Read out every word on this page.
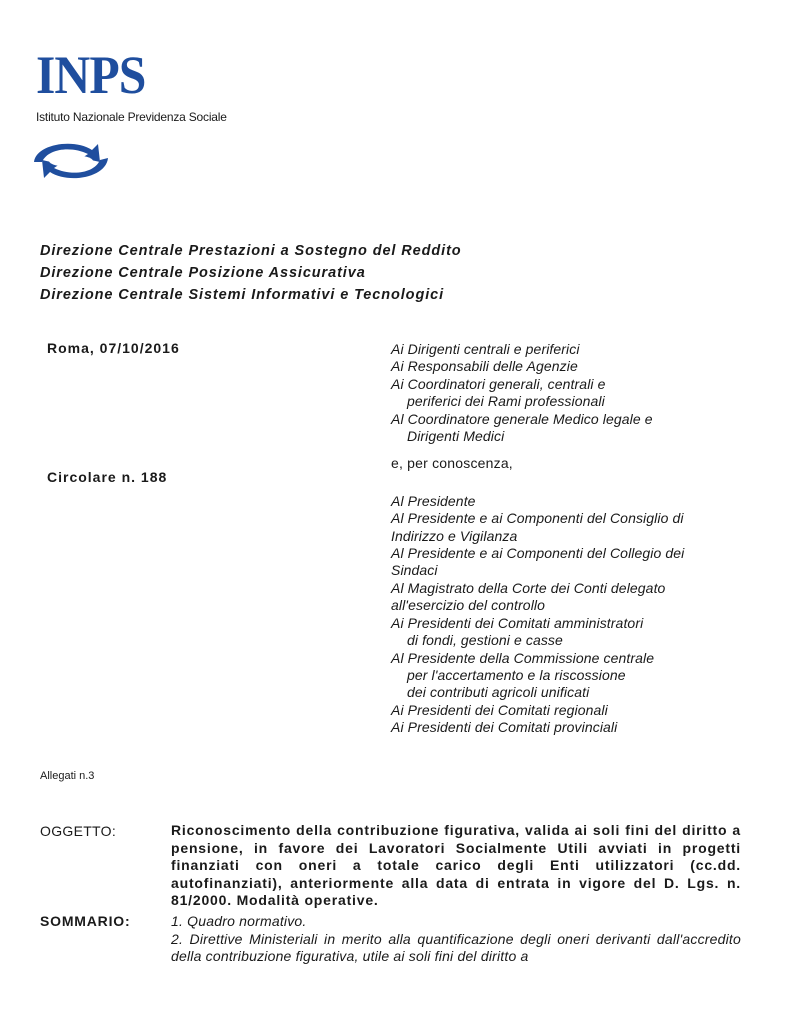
INPS
Istituto Nazionale Previdenza Sociale
Direzione Centrale Prestazioni a Sostegno del Reddito
Direzione Centrale Posizione Assicurativa
Direzione Centrale Sistemi Informativi e Tecnologici
Roma, 07/10/2016
Circolare n. 188
Ai Dirigenti centrali e periferici
Ai Responsabili delle Agenzie
Ai Coordinatori generali, centrali e
periferici dei Rami professionali
Al Coordinatore generale Medico legale e
Dirigenti Medici
e, per conoscenza,
Al Presidente
Al Presidente e ai Componenti del Consiglio di
Indirizzo e Vigilanza
Al Presidente e ai Componenti del Collegio dei
Sindaci
Al Magistrato della Corte dei Conti delegato
all'esercizio del controllo
Ai Presidenti dei Comitati amministratori
di fondi, gestioni e casse
Al Presidente della Commissione centrale
per l'accertamento e la riscossione
dei contributi agricoli unificati
Ai Presidenti dei Comitati regionali
Ai Presidenti dei Comitati provinciali
Allegati n.3
OGGETTO:	Riconoscimento della contribuzione figurativa, valida ai soli fini del diritto a pensione, in favore dei Lavoratori Socialmente Utili avviati in progetti finanziati con oneri a totale carico degli Enti utilizzatori (cc.dd. autofinanziati), anteriormente alla data di entrata in vigore del D. Lgs. n. 81/2000. Modalità operative.
SOMMARIO:	1. Quadro normativo.
2. Direttive Ministeriali in merito alla quantificazione degli oneri derivanti dall'accredito della contribuzione figurativa, utile ai soli fini del diritto a
